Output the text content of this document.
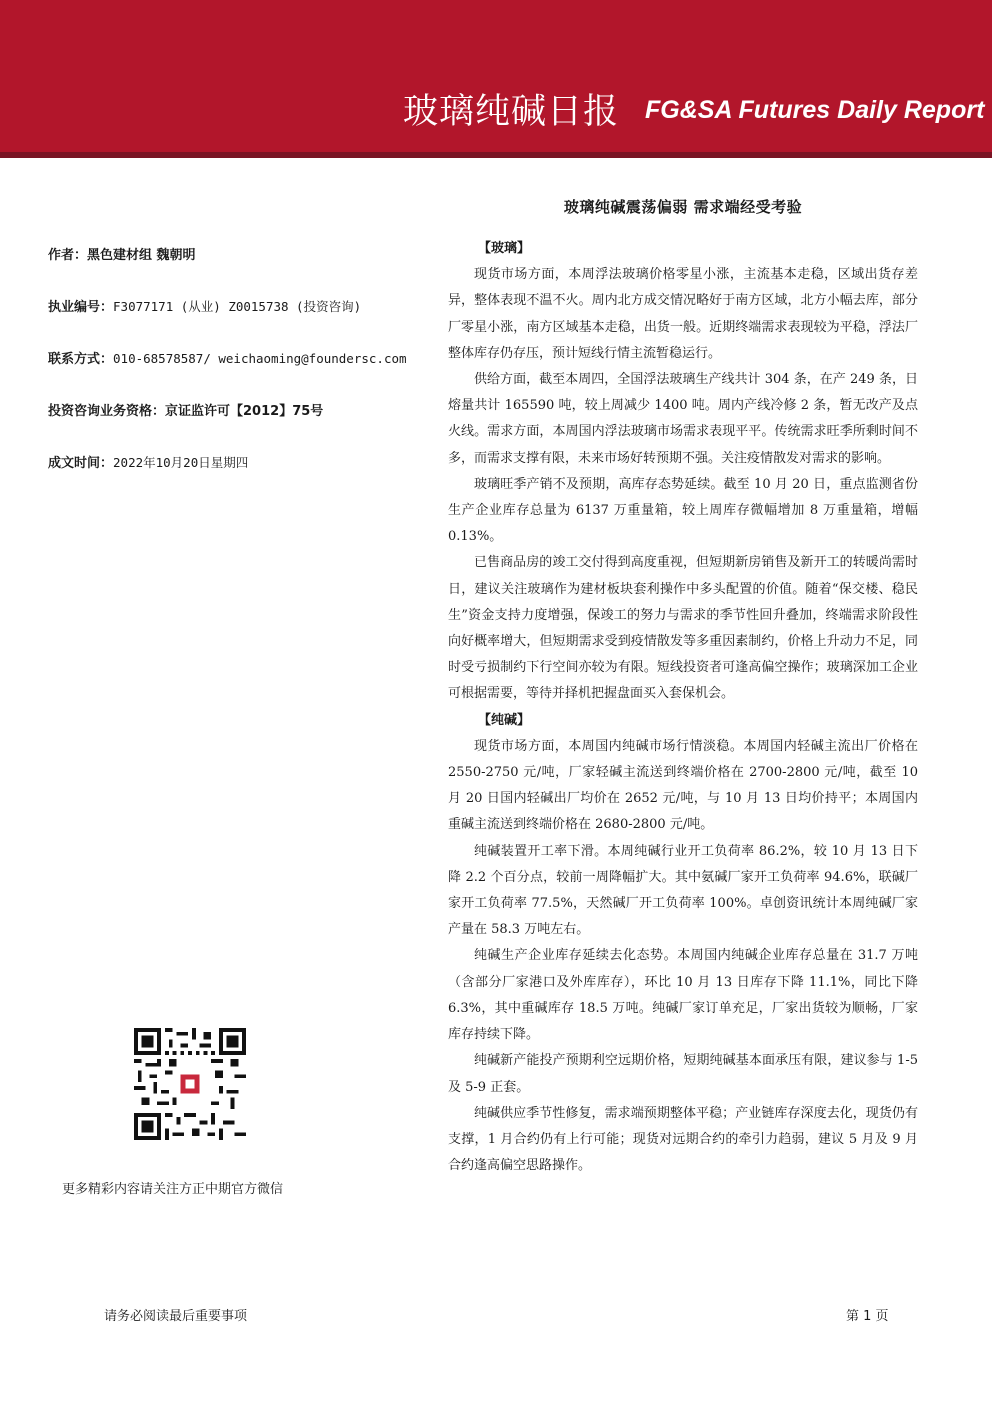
玻璃纯碱日报 FG&SA Futures Daily Report
玻璃纯碱震荡偏弱 需求端经受考验
作者：黑色建材组 魏朝明
执业编号：F3077171 (从业) Z0015738 (投资咨询)
联系方式：010-68578587/ weichaoming@foundersc.com
投资咨询业务资格：京证监许可【2012】75号
成文时间：2022年10月20日星期四
【玻璃】

现货市场方面，本周浮法玻璃价格零星小涨，主流基本走稳，区域出货存差异，整体表现不温不火。周内北方成交情况略好于南方区域，北方小幅去库，部分厂零星小涨，南方区域基本走稳，出货一般。近期终端需求表现较为平稳，浮法厂整体库存仍存压，预计短线行情主流暂稳运行。

供给方面，截至本周四，全国浮法玻璃生产线共计 304 条，在产 249 条，日熔量共计 165590 吨，较上周减少 1400 吨。周内产线冷修 2 条，暂无改产及点火线。需求方面，本周国内浮法玻璃市场需求表现平平。传统需求旺季所剩时间不多，而需求支撑有限，未来市场好转预期不强。关注疫情散发对需求的影响。

玻璃旺季产销不及预期，高库存态势延续。截至 10 月 20 日，重点监测省份生产企业库存总量为 6137 万重量箱，较上周库存微幅增加 8 万重量箱，增幅 0.13%。

已售商品房的竣工交付得到高度重视，但短期新房销售及新开工的转暖尚需时日，建议关注玻璃作为建材板块套利操作中多头配置的价值。随着“保交楼、稳民生”资金支持力度增强，保竣工的努力与需求的季节性回升叠加，终端需求阶段性向好概率增大，但短期需求受到疫情散发等多重因素制约，价格上升动力不足，同时受亏损制约下行空间亦较为有限。短线投资者可逢高偏空操作；玻璃深加工企业可根据需要，等待并择机把握盘面买入套保机会。

【纯碱】

现货市场方面，本周国内纯碱市场行情淡稳。本周国内轻碱主流出厂价格在 2550-2750 元/吨，厂家轻碱主流送到终端价格在 2700-2800 元/吨，截至 10 月 20 日国内轻碱出厂均价在 2652 元/吨，与 10 月 13 日均价持平；本周国内重碱主流送到终端价格在 2680-2800 元/吨。

纯碱装置开工率下滑。本周纯碱行业开工负荷率 86.2%，较 10 月 13 日下降 2.2 个百分点，较前一周降幅扩大。其中氨碱厂家开工负荷率 94.6%，联碱厂家开工负荷率 77.5%，天然碱厂开工负荷率 100%。卓创资讯统计本周纯碱厂家产量在 58.3 万吨左右。

纯碱生产企业库存延续去化态势。本周国内纯碱企业库存总量在 31.7 万吨（含部分厂家港口及外库库存），环比 10 月 13 日库存下降 11.1%，同比下降 6.3%，其中重碱库存 18.5 万吨。纯碱厂家订单充足，厂家出货较为顺畅，厂家库存持续下降。

纯碱新产能投产预期利空远期价格，短期纯碱基本面承压有限，建议参与 1-5 及 5-9 正套。

纯碱供应季节性修复，需求端预期整体平稳；产业链库存深度去化，现货仍有支撑，1 月合约仍有上行可能；现货对远期合约的牵引力趋弱，建议 5 月及 9 月合约逢高偏空思路操作。

更多精彩内容请关注方正中期官方微信
请务必阅读最后重要事项	第 1 页
